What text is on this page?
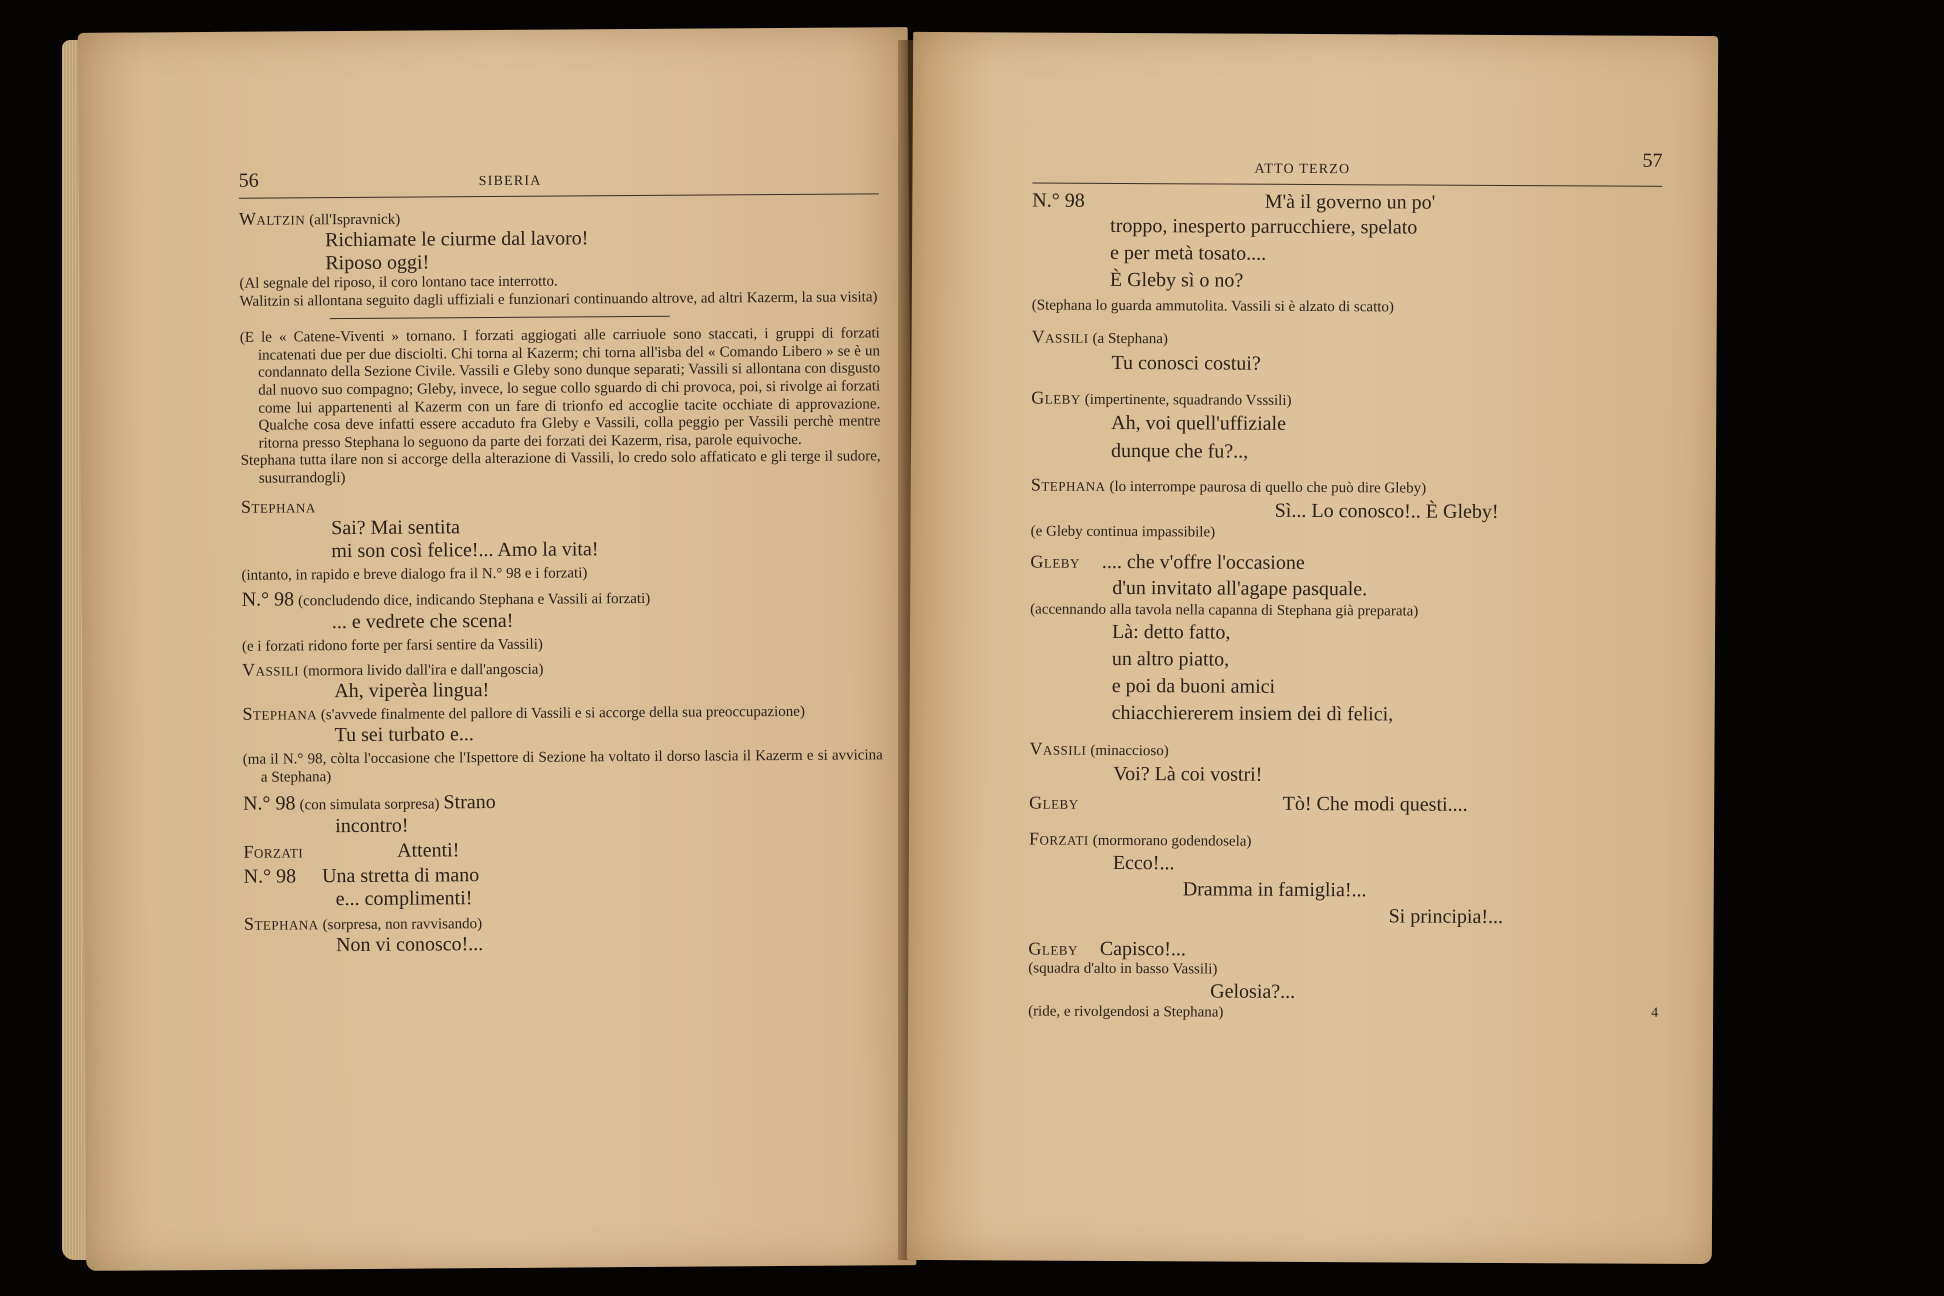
56	SIBERIA
Waltzin (all'Ispravnick)
Richiamate le ciurme dal lavoro!
Riposo oggi!

(Al segnale del riposo, il coro lontano tace interrotto.

Walitzin si allontana seguito dagli uffiziali e funzionari continuando altrove, ad altri Kazerm, la sua visita)

(E le « Catene-Viventi » tornano. I forzati aggiogati alle carriuole sono staccati, i gruppi di forzati incatenati due per due disciolti. Chi torna al Kazerm; chi torna all'isba del « Comando Libero » se è un condannato della Sezione Civile. Vassili e Gleby sono dunque separati; Vassili si allontana con disgusto dal nuovo suo compagno; Gleby, invece, lo segue collo sguardo di chi provoca, poi, si rivolge ai forzati come lui appartenenti al Kazerm con un fare di trionfo ed accoglie tacite occhiate di approvazione. Qualche cosa deve infatti essere accaduto fra Gleby e Vassili, colla peggio per Vassili perchè mentre ritorna presso Stephana lo seguono da parte dei forzati dei Kazerm, risa, parole equivoche.

Stephana tutta ilare non si accorge della alterazione di Vassili, lo credo solo affaticato e gli terge il sudore, susurrandogli)

Stephana
Sai? Mai sentita
mi son così felice!... Amo la vita!
(intanto, in rapido e breve dialogo fra il N.° 98 e i forzati)
N.° 98 (concludendo dice, indicando Stephana e Vassili ai forzati)
... e vedrete che scena!
(e i forzati ridono forte per farsi sentire da Vassili)
Vassili (mormora livido dall'ira e dall'angoscia)
Ah, viperèa lingua!

Stephana (s'avvede finalmente del pallore di Vassili e si accorge della sua preoccupazione)

Tu sei turbato e...

(ma il N.° 98, còlta l'occasione che l'Ispettore di Sezione ha voltato il dorso lascia il Kazerm e si avvicina a Stephana)

N.° 98 (con simulata sorpresa) Strano
incontro!
Forzati	Attenti!
N.° 98 Una stretta di mano
e... complimenti!
Stephana (sorpresa, non ravvisando)
Non vi conosco!...
ATTO TERZO	57
N.° 98	M'à il governo un po'
troppo, inesperto parrucchiere, spelato
e per metà tosato....
È Gleby sì o no?
(Stephana lo guarda ammutolita. Vassili si è alzato di scatto)
Vassili (a Stephana)
Tu conosci costui?
Gleby (impertinente, squadrando Vsssili)
Ah, voi quell'uffiziale
dunque che fu?..,
Stephana (lo interrompe paurosa di quello che può dire Gleby)
Sì... Lo conosco!.. È Gleby!
(e Gleby continua impassibile)
Gleby .... che v'offre l'occasione
d'un invitato all'agape pasquale.
(accennando alla tavola nella capanna di Stephana già preparata)
Là: detto fatto,
un altro piatto,
e poi da buoni amici
chiacchiererem insiem dei dì felici,
Vassili (minaccioso)
Voi? Là coi vostri!
Gleby	Tò! Che modi questi....
Forzati (mormorano godendosela)
Ecco!...
Dramma in famiglia!...
Si principia!...
Gleby Capisco!...
(squadra d'alto in basso Vassili)
Gelosia?...
(ride, e rivolgendosi a Stephana)	4
